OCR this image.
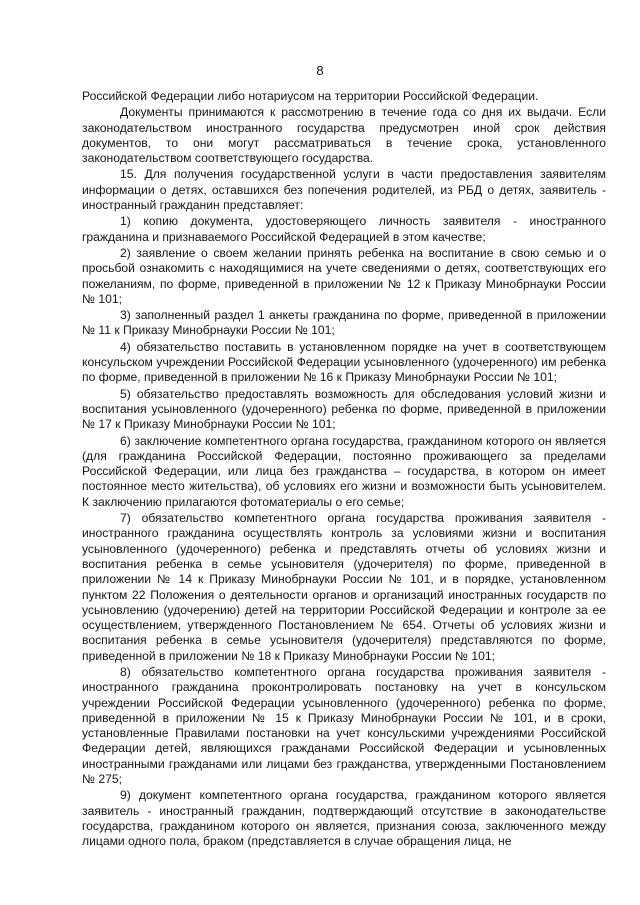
8

Российской Федерации либо нотариусом на территории Российской Федерации.

Документы принимаются к рассмотрению в течение года со дня их выдачи. Если законодательством иностранного государства предусмотрен иной срок действия документов, то они могут рассматриваться в течение срока, установленного законодательством соответствующего государства.

15. Для получения государственной услуги в части предоставления заявителям информации о детях, оставшихся без попечения родителей, из РБД о детях, заявитель - иностранный гражданин представляет:

1) копию документа, удостоверяющего личность заявителя - иностранного гражданина и признаваемого Российской Федерацией в этом качестве;

2) заявление о своем желании принять ребенка на воспитание в свою семью и о просьбой ознакомить с находящимися на учете сведениями о детях, соответствующих его пожеланиям, по форме, приведенной в приложении № 12 к Приказу Минобрнауки России № 101;

3) заполненный раздел 1 анкеты гражданина по форме, приведенной в приложении № 11 к Приказу Минобрнауки России № 101;

4) обязательство поставить в установленном порядке на учет в соответствующем консульском учреждении Российской Федерации усыновленного (удочеренного) им ребенка по форме, приведенной в приложении № 16 к Приказу Минобрнауки России № 101;

5) обязательство предоставлять возможность для обследования условий жизни и воспитания усыновленного (удочеренного) ребенка по форме, приведенной в приложении № 17 к Приказу Минобрнауки России № 101;

6) заключение компетентного органа государства, гражданином которого он является (для гражданина Российской Федерации, постоянно проживающего за пределами Российской Федерации, или лица без гражданства – государства, в котором он имеет постоянное место жительства), об условиях его жизни и возможности быть усыновителем. К заключению прилагаются фотоматериалы о его семье;

7) обязательство компетентного органа государства проживания заявителя - иностранного гражданина осуществлять контроль за условиями жизни и воспитания усыновленного (удочеренного) ребенка и представлять отчеты об условиях жизни и воспитания ребенка в семье усыновителя (удочерителя) по форме, приведенной в приложении № 14 к Приказу Минобрнауки России № 101, и в порядке, установленном пунктом 22 Положения о деятельности органов и организаций иностранных государств по усыновлению (удочерению) детей на территории Российской Федерации и контроле за ее осуществлением, утвержденного Постановлением № 654. Отчеты об условиях жизни и воспитания ребенка в семье усыновителя (удочерителя) представляются по форме, приведенной в приложении № 18 к Приказу Минобрнауки России № 101;

8) обязательство компетентного органа государства проживания заявителя - иностранного гражданина проконтролировать постановку на учет в консульском учреждении Российской Федерации усыновленного (удочеренного) ребенка по форме, приведенной в приложении № 15 к Приказу Минобрнауки России № 101, и в сроки, установленные Правилами постановки на учет консульскими учреждениями Российской Федерации детей, являющихся гражданами Российской Федерации и усыновленных иностранными гражданами или лицами без гражданства, утвержденными Постановлением № 275;

9) документ компетентного органа государства, гражданином которого является заявитель - иностранный гражданин, подтверждающий отсутствие в законодательстве государства, гражданином которого он является, признания союза, заключенного между лицами одного пола, браком (представляется в случае обращения лица, не
